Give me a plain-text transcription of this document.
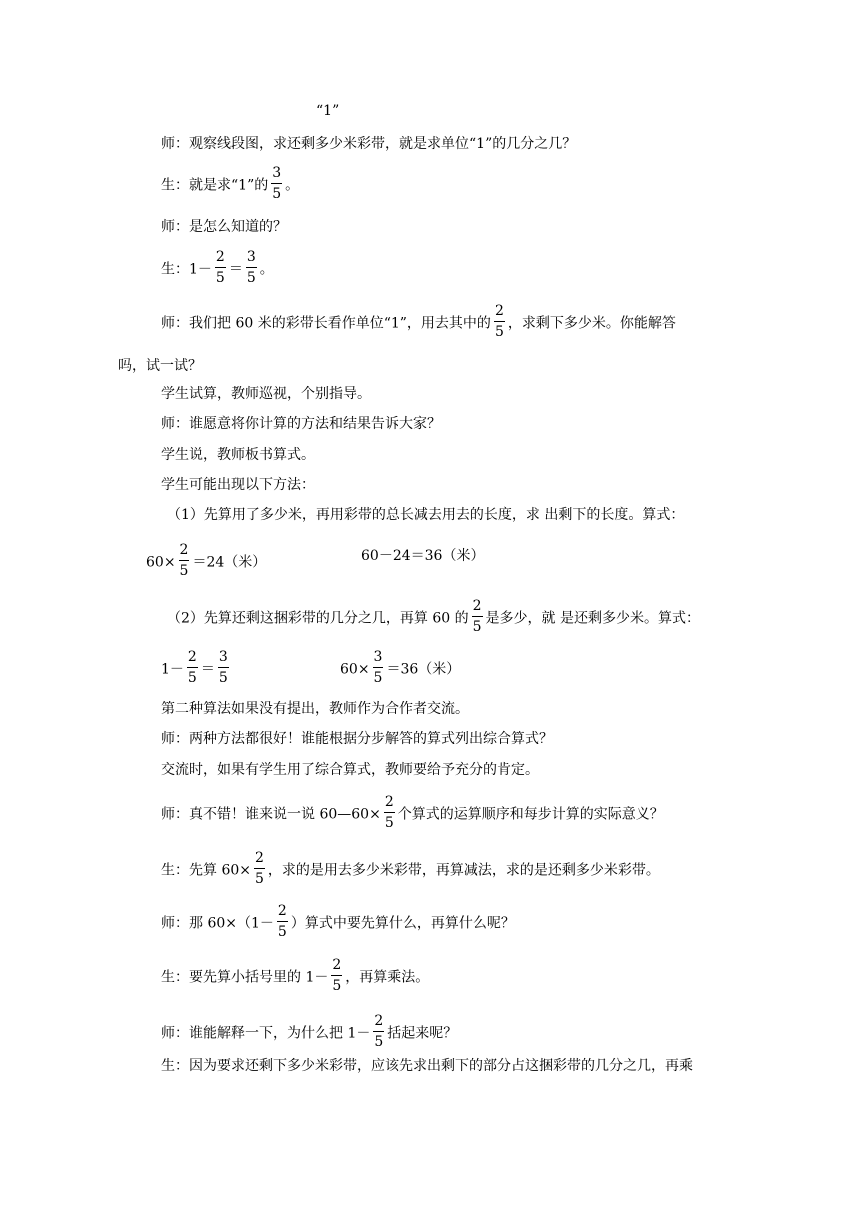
“1”
师：观察线段图，求还剩多少米彩带，就是求单位“1”的几分之几？
生：就是求“1”的 $\frac{3}{5}$ 。
师：是怎么知道的？
生：$1- \frac{2}{5} = \frac{3}{5}$ 。
师：我们把 60 米的彩带长看作单位“1”，用去其中的 $\frac{2}{5}$ ，求剩下多少米。你能解答
吗，试一试？
学生试算，教师巡视，个别指导。
师：谁愿意将你计算的方法和结果告诉大家？
学生说，教师板书算式。
学生可能出现以下方法：
（1）先算用了多少米，再用彩带的总长减去用去的长度，求 出剩下的长度。算式：
$60\times \frac{2}{5} =24$（米）	60－24＝36（米）
（2）先算还剩这捆彩带的几分之几，再算 60 的 $\frac{2}{5}$ 是多少，就 是还剩多少米。算式：
$1- \frac{2}{5} = \frac{3}{5}$	$60\times \frac{3}{5} =36$（米）
第二种算法如果没有提出，教师作为合作者交流。
师：两种方法都很好！谁能根据分步解答的算式列出综合算式？
交流时，如果有学生用了综合算式，教师要给予充分的肯定。
师：真不错！谁来说一说 60—60× $\frac{2}{5}$ 个算式的运算顺序和每步计算的实际意义？
生：先算 $60\times \frac{2}{5}$ ，求的是用去多少米彩带，再算减法，求的是还剩多少米彩带。
师：那 $60\times(1- \frac{2}{5}$ ）算式中要先算什么，再算什么呢？
生：要先算小括号里的 $1- \frac{2}{5}$ ，再算乘法。
师：谁能解释一下，为什么把 $1- \frac{2}{5}$ 括起来呢？
生：因为要求还剩下多少米彩带，应该先求出剩下的部分占这捆彩带的几分之几，再乘
